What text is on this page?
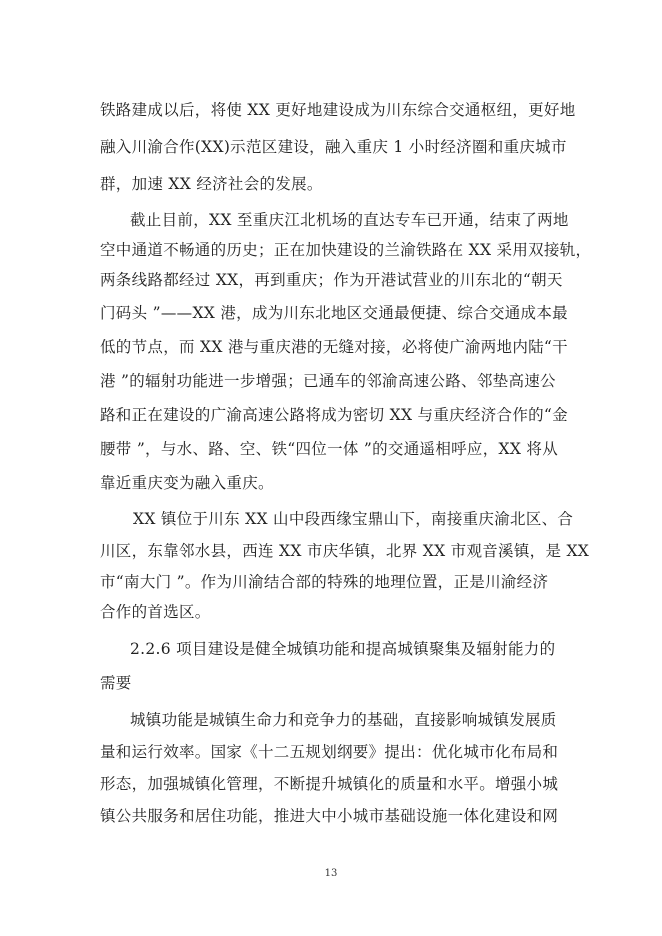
铁路建成以后，将使 XX 更好地建设成为川东综合交通枢纽，更好地
融入川渝合作(XX)示范区建设，融入重庆 1 小时经济圈和重庆城市
群，加速 XX 经济社会的发展。
截止目前，XX 至重庆江北机场的直达专车已开通，结束了两地
空中通道不畅通的历史；正在加快建设的兰渝铁路在 XX 采用双接轨，
两条线路都经过 XX，再到重庆；作为开港试营业的川东北的“朝天
门码头 ”——XX 港，成为川东北地区交通最便捷、综合交通成本最
低的节点，而 XX 港与重庆港的无缝对接，必将使广渝两地内陆“干
港 ”的辐射功能进一步增强；已通车的邻渝高速公路、邻垫高速公
路和正在建设的广渝高速公路将成为密切 XX 与重庆经济合作的“金
腰带 ”，与水、路、空、铁“四位一体 ”的交通遥相呼应，XX 将从
靠近重庆变为融入重庆。
XX 镇位于川东 XX 山中段西缘宝鼎山下，南接重庆渝北区、合
川区，东靠邻水县，西连 XX 市庆华镇，北界 XX 市观音溪镇，是 XX
市“南大门 ”。作为川渝结合部的特殊的地理位置，正是川渝经济
合作的首选区。
2.2.6 项目建设是健全城镇功能和提高城镇聚集及辐射能力的
需要
城镇功能是城镇生命力和竞争力的基础，直接影响城镇发展质
量和运行效率。国家《十二五规划纲要》提出：优化城市化布局和
形态，加强城镇化管理，不断提升城镇化的质量和水平。增强小城
镇公共服务和居住功能，推进大中小城市基础设施一体化建设和网
13
